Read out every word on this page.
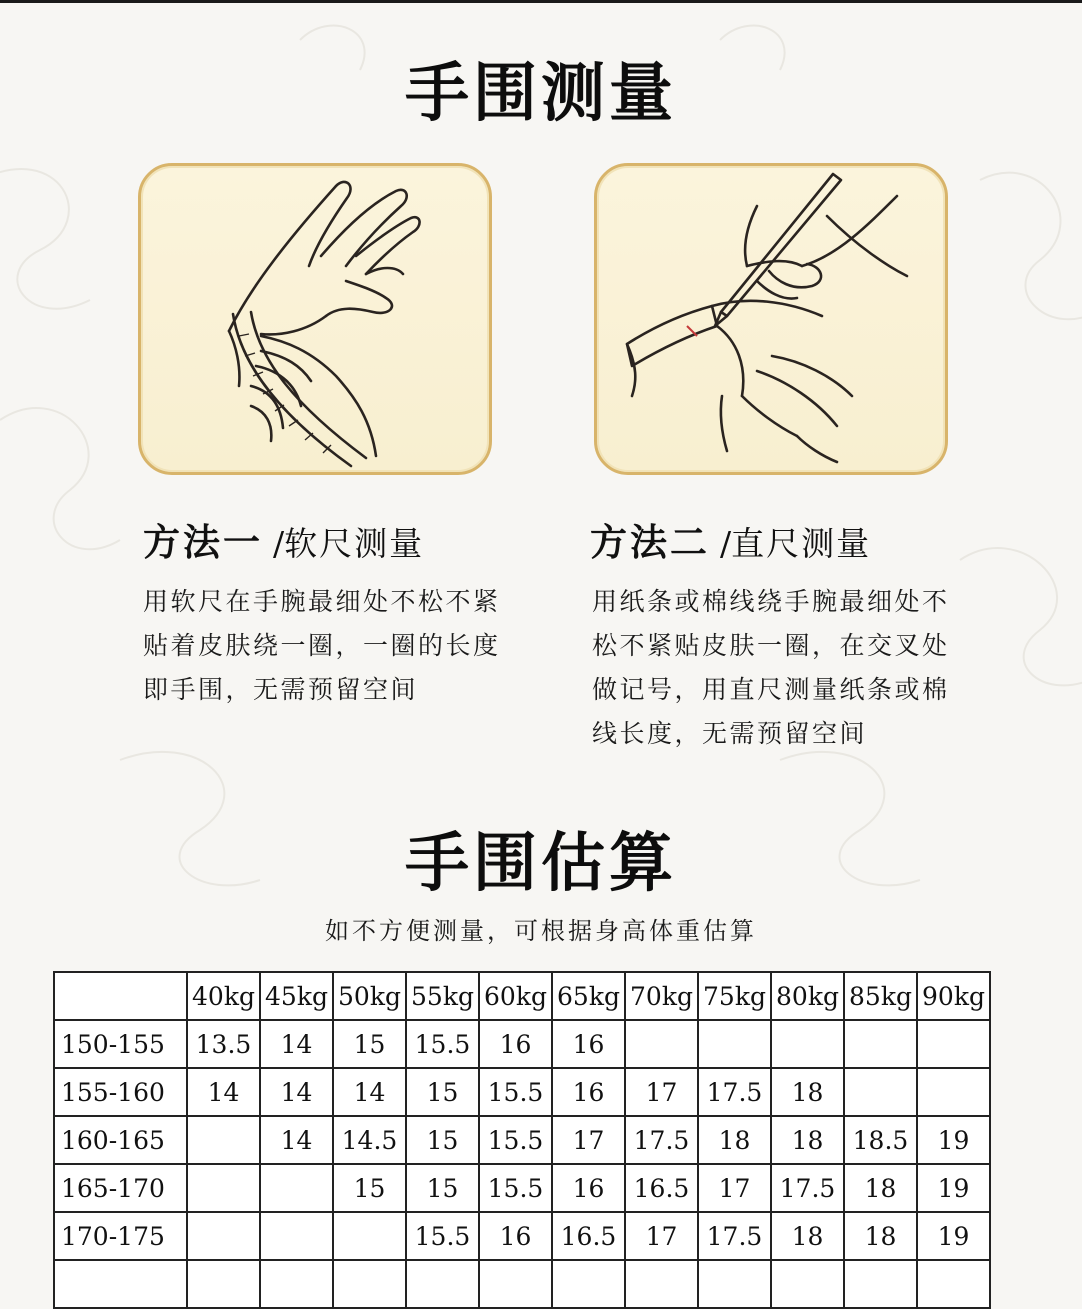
手围测量
方法一 /软尺测量
用软尺在手腕最细处不松不紧贴着皮肤绕一圈，一圈的长度即手围，无需预留空间
方法二 /直尺测量
用纸条或棉线绕手腕最细处不松不紧贴皮肤一圈，在交叉处做记号，用直尺测量纸条或棉线长度，无需预留空间
手围估算
如不方便测量，可根据身高体重估算
	40kg	45kg	50kg	55kg	60kg	65kg	70kg	75kg	80kg	85kg	90kg
150-155	13.5	14	15	15.5	16	16					
155-160	14	14	14	15	15.5	16	17	17.5	18		
160-165		14	14.5	15	15.5	17	17.5	18	18	18.5	19
165-170			15	15	15.5	16	16.5	17	17.5	18	19
170-175				15.5	16	16.5	17	17.5	18	18	19
